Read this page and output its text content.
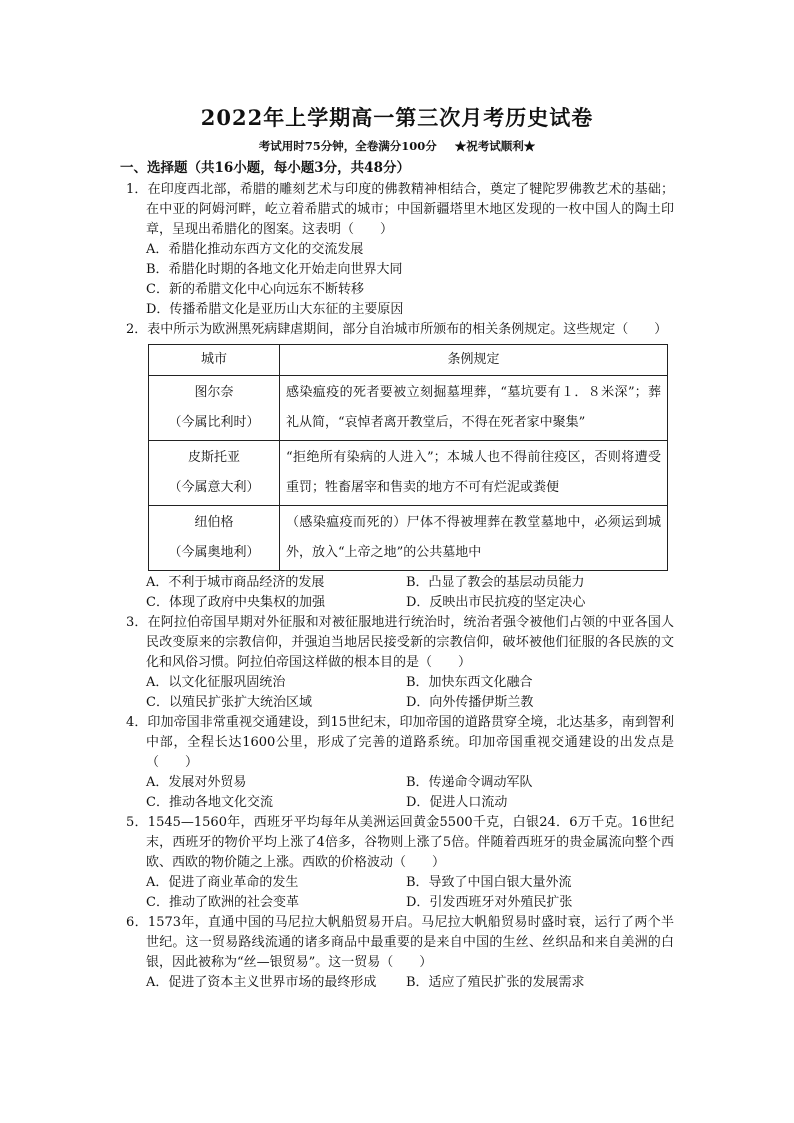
2022年上学期高一第三次月考历史试卷
考试用时75分钟，全卷满分100分 ★祝考试顺利★
一、选择题（共16小题，每小题3分，共48分）

1．在印度西北部，希腊的雕刻艺术与印度的佛教精神相结合，奠定了犍陀罗佛教艺术的基础；在中亚的阿姆河畔，屹立着希腊式的城市；中国新疆塔里木地区发现的一枚中国人的陶土印章，呈现出希腊化的图案。这表明（　　）

A．希腊化推动东西方文化的交流发展

B．希腊化时期的各地文化开始走向世界大同

C．新的希腊文化中心向远东不断转移

D．传播希腊文化是亚历山大东征的主要原因

2．表中所示为欧洲黑死病肆虐期间，部分自治城市所颁布的相关条例规定。这些规定（　　）

城市	条例规定

图尔奈
（今属比利时）	感染瘟疫的死者要被立刻掘墓埋葬，“墓坑要有１．８米深”；葬礼从简，“哀悼者离开教堂后，不得在死者家中聚集”

皮斯托亚
（今属意大利）	“拒绝所有染病的人进入”；本城人也不得前往疫区，否则将遭受重罚；牲畜屠宰和售卖的地方不可有烂泥或粪便

纽伯格
（今属奥地利）	（感染瘟疫而死的）尸体不得被埋葬在教堂墓地中，必须运到城外，放入“上帝之地”的公共墓地中

A．不利于城市商品经济的发展	B．凸显了教会的基层动员能力

C．体现了政府中央集权的加强	D．反映出市民抗疫的坚定决心

3．在阿拉伯帝国早期对外征服和对被征服地进行统治时，统治者强令被他们占领的中亚各国人民改变原来的宗教信仰，并强迫当地居民接受新的宗教信仰，破坏被他们征服的各民族的文化和风俗习惯。阿拉伯帝国这样做的根本目的是（　　）

A．以文化征服巩固统治	B．加快东西文化融合

C．以殖民扩张扩大统治区域	D．向外传播伊斯兰教

4．印加帝国非常重视交通建设，到15世纪末，印加帝国的道路贯穿全境，北达基多，南到智利中部，全程长达1600公里，形成了完善的道路系统。印加帝国重视交通建设的出发点是（　　）

A．发展对外贸易	B．传递命令调动军队

C．推动各地文化交流	D．促进人口流动

5．1545—1560年，西班牙平均每年从美洲运回黄金5500千克，白银24．6万千克。16世纪末，西班牙的物价平均上涨了4倍多，谷物则上涨了5倍。伴随着西班牙的贵金属流向整个西欧、西欧的物价随之上涨。西欧的价格波动（　　）

A．促进了商业革命的发生	B．导致了中国白银大量外流

C．推动了欧洲的社会变革	D．引发西班牙对外殖民扩张

6．1573年，直通中国的马尼拉大帆船贸易开启。马尼拉大帆船贸易时盛时衰，运行了两个半世纪。这一贸易路线流通的诸多商品中最重要的是来自中国的生丝、丝织品和来自美洲的白银，因此被称为“丝—银贸易”。这一贸易（　　）

A．促进了资本主义世界市场的最终形成	B．适应了殖民扩张的发展需求
